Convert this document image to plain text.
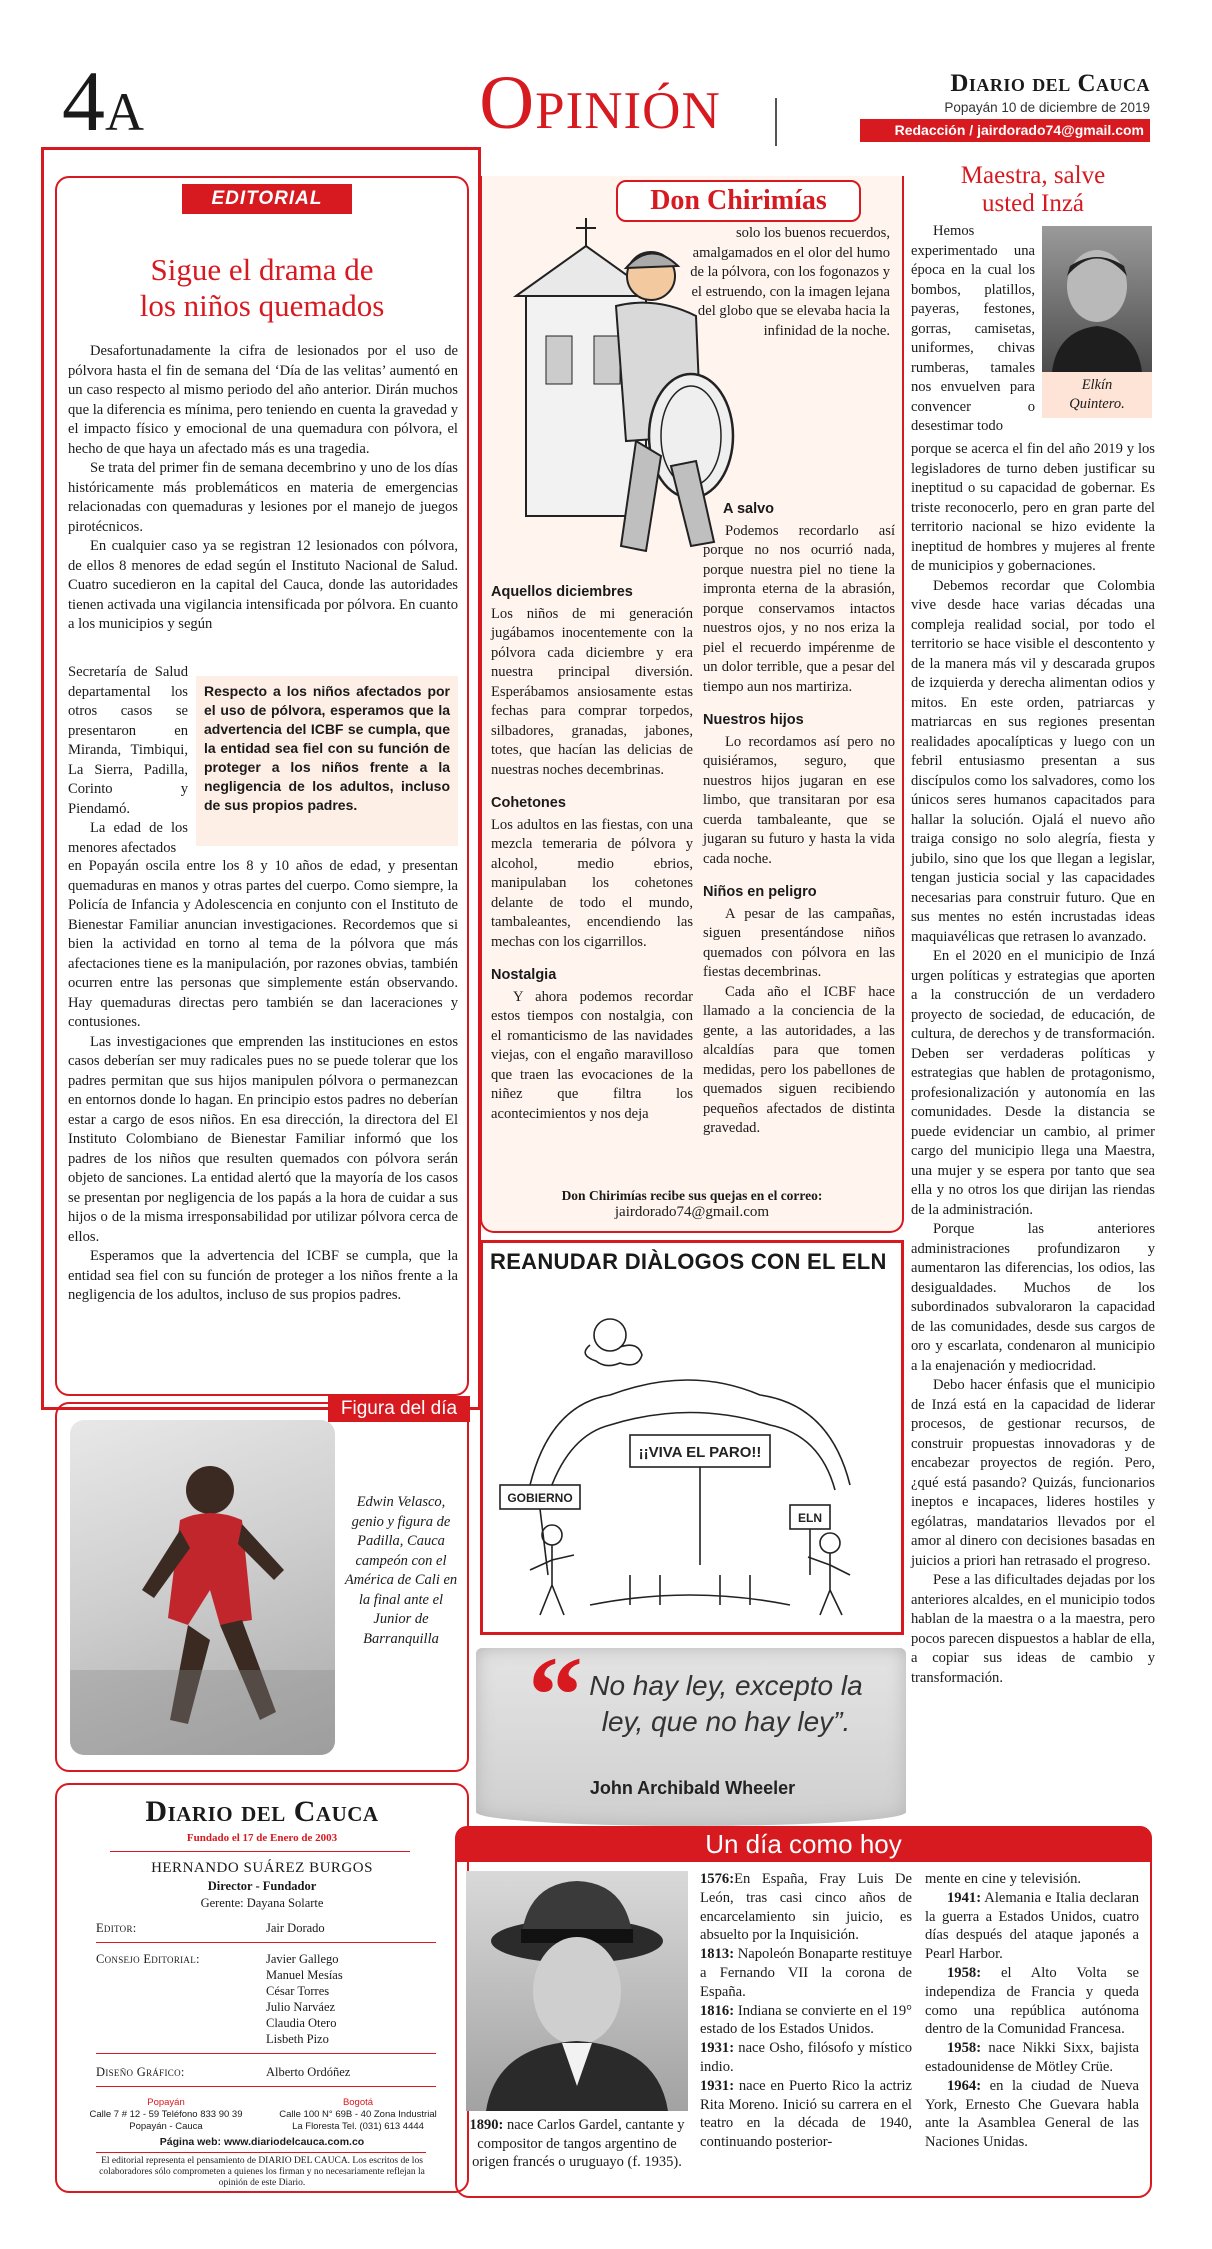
4A	Opinión	Diario del Cauca
Popayán 10 de diciembre de 2019
Redacción / jairdorado74@gmail.com
EDITORIAL
Sigue el drama de
los niños quemados

Desafortunadamente la cifra de lesionados por el uso de pólvora hasta el fin de semana del ‘Día de las velitas’ aumentó en un caso respecto al mismo periodo del año anterior. Dirán muchos que la diferencia es mínima, pero teniendo en cuenta la gravedad y el impacto físico y emocional de una quemadura con pólvora, el hecho de que haya un afectado más es una tragedia.

Se trata del primer fin de semana decembrino y uno de los días históricamente más problemáticos en materia de emergencias relacionadas con quemaduras y lesiones por el manejo de juegos pirotécnicos.

En cualquier caso ya se registran 12 lesionados con pólvora, de ellos 8 menores de edad según el Instituto Nacional de Salud. Cuatro sucedieron en la capital del Cauca, donde las autoridades tienen activada una vigilancia intensificada por pólvora. En cuanto a los municipios y según

Secretaría de Salud departamental los otros casos se presentaron en Miranda, Timbiqui, La Sierra, Padilla, Corinto y Piendamó.

La edad de los menores afectados

Respecto a los niños afectados por el uso de pólvora, esperamos que la advertencia del ICBF se cumpla, que la entidad sea fiel con su función de proteger a los niños frente a la negligencia de los adultos, incluso de sus propios padres.

en Popayán oscila entre los 8 y 10 años de edad, y presentan quemaduras en manos y otras partes del cuerpo. Como siempre, la Policía de Infancia y Adolescencia en conjunto con el Instituto de Bienestar Familiar anuncian investigaciones. Recordemos que si bien la actividad en torno al tema de la pólvora que más afectaciones tiene es la manipulación, por razones obvias, también ocurren entre las personas que simplemente están observando. Hay quemaduras directas pero también se dan laceraciones y contusiones.

Las investigaciones que emprenden las instituciones en estos casos deberían ser muy radicales pues no se puede tolerar que los padres permitan que sus hijos manipulen pólvora o permanezcan en entornos donde lo hagan. En principio estos padres no deberían estar a cargo de esos niños. En esa dirección, la directora del El Instituto Colombiano de Bienestar Familiar informó que los padres de los niños que resulten quemados con pólvora serán objeto de sanciones. La entidad alertó que la mayoría de los casos se presentan por negligencia de los papás a la hora de cuidar a sus hijos o de la misma irresponsabilidad por utilizar pólvora cerca de ellos.

Esperamos que la advertencia del ICBF se cumpla, que la entidad sea fiel con su función de proteger a los niños frente a la negligencia de los adultos, incluso de sus propios padres.

Figura del día
Edwin Velasco, genio y figura de Padilla, Cauca campeón con el América de Cali en la final ante el Junior de Barranquilla
Diario del Cauca
Fundado el 17 de Enero de 2003
HERNANDO SUÁREZ BURGOS
Director - Fundador
Gerente: Dayana Solarte
Editor:	Jair Dorado
Consejo Editorial:	Javier Gallego
Manuel Mesías
César Torres
Julio Narváez
Claudia Otero
Lisbeth Pizo
Diseño Gráfico:	Alberto Ordóñez
Popayán
Calle 7 # 12 - 59 Teléfono 833 90 39
Popayán - Cauca
Bogotá
Calle 100 N° 69B - 40 Zona Industrial
La Floresta Tel. (031) 613 4444
Página web: www.diariodelcauca.com.co
El editorial representa el pensamiento de DIARIO DEL CAUCA. Los escritos de los colaboradores sólo comprometen a quienes los firman y no necesariamente reflejan la opinión de este Diario.
Don Chirimías
solo los buenos recuerdos, amalgamados en el olor del humo de la pólvora, con los fogonazos y el estruendo, con la imagen lejana del globo que se elevaba hacia la infinidad de la noche.
Aquellos diciembres

Los niños de mi generación jugábamos inocentemente con la pólvora cada diciembre y era nuestra principal diversión. Esperábamos ansiosamente estas fechas para comprar torpedos, silbadores, granadas, jabones, totes, que hacían las delicias de nuestras noches decembrinas.

Cohetones

Los adultos en las fiestas, con una mezcla temeraria de pólvora y alcohol, medio ebrios, manipulaban los cohetones delante de todo el mundo, tambaleantes, encendiendo las mechas con los cigarrillos.

Nostalgia

Y ahora podemos recordar estos tiempos con nostalgia, con el romanticismo de las navidades viejas, con el engaño maravilloso que traen las evocaciones de la niñez que filtra los acontecimientos y nos deja

A salvo

Podemos recordarlo así porque no nos ocurrió nada, porque nuestra piel no tiene la impronta eterna de la abrasión, porque conservamos intactos nuestros ojos, y no nos eriza la piel el recuerdo impérenme de un dolor terrible, que a pesar del tiempo aun nos martiriza.

Nuestros hijos

Lo recordamos así pero no quisiéramos, seguro, que nuestros hijos jugaran en ese limbo, que transitaran por esa cuerda tambaleante, que se jugaran su futuro y hasta la vida cada noche.

Niños en peligro

A pesar de las campañas, siguen presentándose niños quemados con pólvora en las fiestas decembrinas.

Cada año el ICBF hace llamado a la conciencia de la gente, a las autoridades, a las alcaldías para que tomen medidas, pero los pabellones de quemados siguen recibiendo pequeños afectados de distinta gravedad.

Don Chirimías recibe sus quejas en el correo:
jairdorado74@gmail.com
REANUDAR DIÀLOGOS CON EL ELN
¡¡VIVA EL PARO!!
GOBIERNO
ELN
“ No hay ley, excepto la ley, que no hay ley”.
John Archibald Wheeler
Maestra, salve
usted Inzá
Elkín
Quintero.

Hemos experimentado una época en la cual los bombos, platillos, payeras, festones, gorras, camisetas, uniformes, chivas rumberas, tamales nos envuelven para convencer o desestimar todo

porque se acerca el fin del año 2019 y los legisladores de turno deben justificar su ineptitud o su capacidad de gobernar. Es triste reconocerlo, pero en gran parte del territorio nacional se hizo evidente la ineptitud de hombres y mujeres al frente de municipios y gobernaciones.

Debemos recordar que Colombia vive desde hace varias décadas una compleja realidad social, por todo el territorio se hace visible el descontento y de la manera más vil y descarada grupos de izquierda y derecha alimentan odios y mitos. En este orden, patriarcas y matriarcas en sus regiones presentan realidades apocalípticas y luego con un febril entusiasmo presentan a sus discípulos como los salvadores, como los únicos seres humanos capacitados para hallar la solución. Ojalá el nuevo año traiga consigo no solo alegría, fiesta y jubilo, sino que los que llegan a legislar, tengan justicia social y las capacidades necesarias para construir futuro. Que en sus mentes no estén incrustadas ideas maquiavélicas que retrasen lo avanzado.

En el 2020 en el municipio de Inzá urgen políticas y estrategias que aporten a la construcción de un verdadero proyecto de sociedad, de educación, de cultura, de derechos y de transformación. Deben ser verdaderas políticas y estrategias que hablen de protagonismo, profesionalización y autonomía en las comunidades. Desde la distancia se puede evidenciar un cambio, al primer cargo del municipio llega una Maestra, una mujer y se espera por tanto que sea ella y no otros los que dirijan las riendas de la administración.

Porque las anteriores administraciones profundizaron y aumentaron las diferencias, los odios, las desigualdades. Muchos de los subordinados subvaloraron la capacidad de las comunidades, desde sus cargos de oro y escarlata, condenaron al municipio a la enajenación y mediocridad.

Debo hacer énfasis que el municipio de Inzá está en la capacidad de liderar procesos, de gestionar recursos, de construir propuestas innovadoras y de encabezar proyectos de región. Pero, ¿qué está pasando? Quizás, funcionarios ineptos e incapaces, lideres hostiles y ególatras, mandatarios llevados por el amor al dinero con decisiones basadas en juicios a priori han retrasado el progreso.

Pese a las dificultades dejadas por los anteriores alcaldes, en el municipio todos hablan de la maestra o a la maestra, pero pocos parecen dispuestos a hablar de ella, a copiar sus ideas de cambio y transformación.

Un día como hoy
1890: nace Carlos Gardel, cantante y compositor de tangos argentino de origen francés o uruguayo (f. 1935).

1576:En España, Fray Luis De León, tras casi cinco años de encarcelamiento sin juicio, es absuelto por la Inquisición.

1813: Napoleón Bonaparte restituye a Fernando VII la corona de España.

1816: Indiana se convierte en el 19° estado de los Estados Unidos.

1931: nace Osho, filósofo y místico indio.

1931: nace en Puerto Rico la actriz Rita Moreno. Inició su carrera en el teatro en la década de 1940, continuando posterior-

mente en cine y televisión.

1941: Alemania e Italia declaran la guerra a Estados Unidos, cuatro días después del ataque japonés a Pearl Harbor.

1958: el Alto Volta se independiza de Francia y queda como una república autónoma dentro de la Comunidad Francesa.

1958: nace Nikki Sixx, bajista estadounidense de Mötley Crüe.

1964: en la ciudad de Nueva York, Ernesto Che Guevara habla ante la Asamblea General de las Naciones Unidas.
